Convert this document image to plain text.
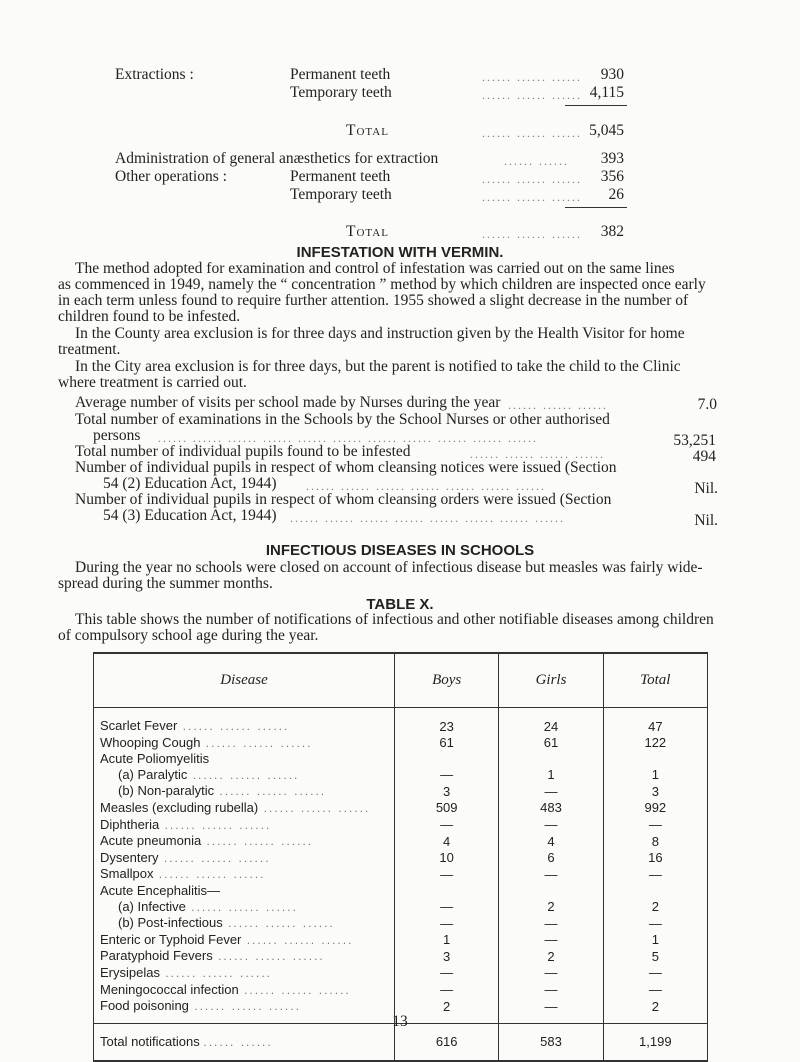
Extractions :	Permanent teeth	...... ...... ...... 930
Temporary teeth	...... ...... ...... 4,115
Total	...... ...... ...... 5,045
Administration of general anæsthetics for extraction	...... ...... 393
Other operations :	Permanent teeth	...... ...... ...... 356
Temporary teeth	...... ...... ...... 26
Total	...... ...... ...... 382
INFESTATION WITH VERMIN.
The method adopted for examination and control of infestation was carried out on the same lines
as commenced in 1949, namely the “ concentration ” method by which children are inspected once early
in each term unless found to require further attention. 1955 showed a slight decrease in the number of
children found to be infested.
In the County area exclusion is for three days and instruction given by the Health Visitor for home
treatment.
In the City area exclusion is for three days, but the parent is notified to take the child to the Clinic
where treatment is carried out.
Average number of visits per school made by Nurses during the year ...... ...... ......	7.0
Total number of examinations in the Schools by the School Nurses or other authorised
persons ...... ...... ...... ...... ...... ...... ...... ...... ...... ...... ......	53,251
Total number of individual pupils found to be infested	...... ...... ...... ......	494
Number of individual pupils in respect of whom cleansing notices were issued (Section
54 (2) Education Act, 1944) ...... ...... ...... ...... ...... ...... ......	Nil.
Number of individual pupils in respect of whom cleansing orders were issued (Section
54 (3) Education Act, 1944) ...... ...... ...... ...... ...... ...... ...... ......	Nil.
INFECTIOUS DISEASES IN SCHOOLS
During the year no schools were closed on account of infectious disease but measles was fairly wide-
spread during the summer months.
TABLE X.
This table shows the number of notifications of infectious and other notifiable diseases among children
of compulsory school age during the year.
Disease	Boys	Girls	Total
Scarlet Fever ...... ...... ......	23	24	47
Whooping Cough ...... ...... ......	61	61	122
Acute Poliomyelitis			
(a) Paralytic ...... ...... ......	—	1	1
(b) Non-paralytic ...... ...... ......	3	—	3
Measles (excluding rubella) ...... ...... ......	509	483	992
Diphtheria ...... ...... ......	—	—	—
Acute pneumonia ...... ...... ......	4	4	8
Dysentery ...... ...... ......	10	6	16
Smallpox ...... ...... ......	—	—	—
Acute Encephalitis—			
(a) Infective ...... ...... ......	—	2	2
(b) Post-infectious ...... ...... ......	—	—	—
Enteric or Typhoid Fever ...... ...... ......	1	—	1
Paratyphoid Fevers ...... ...... ......	3	2	5
Erysipelas ...... ...... ......	—	—	—
Meningococcal infection ...... ...... ......	—	—	—
Food poisoning ...... ...... ......	2	—	2

Total notifications ...... ......	616	583	1,199
13
